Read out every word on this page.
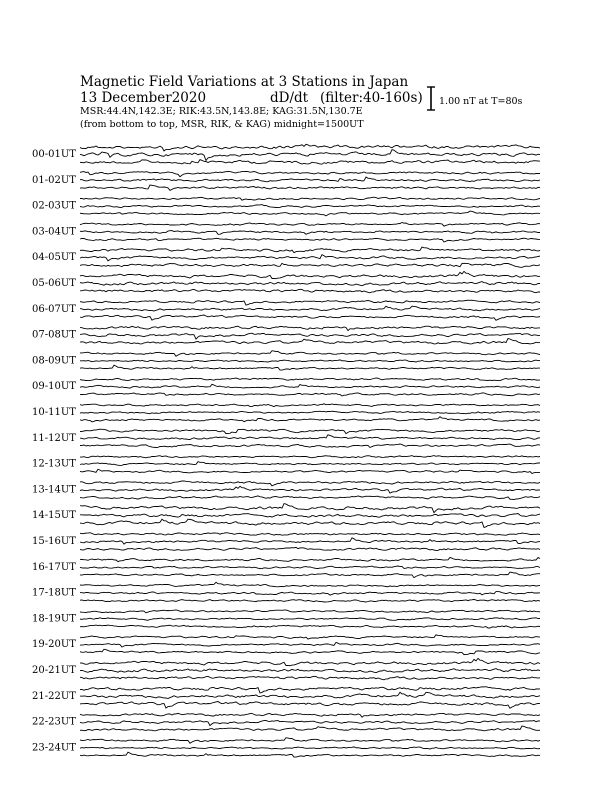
Magnetic Field Variations at 3 Stations in Japan
13 December2020	dD/dt (filter:40-160s)
MSR:44.4N,142.3E; RIK:43.5N,143.8E; KAG:31.5N,130.7E
(from bottom to top, MSR, RIK, & KAG) midnight=1500UT
1.00 nT at T=80s
00-01UT
01-02UT
02-03UT
03-04UT
04-05UT
05-06UT
06-07UT
07-08UT
08-09UT
09-10UT
10-11UT
11-12UT
12-13UT
13-14UT
14-15UT
15-16UT
16-17UT
17-18UT
18-19UT
19-20UT
20-21UT
21-22UT
22-23UT
23-24UT
